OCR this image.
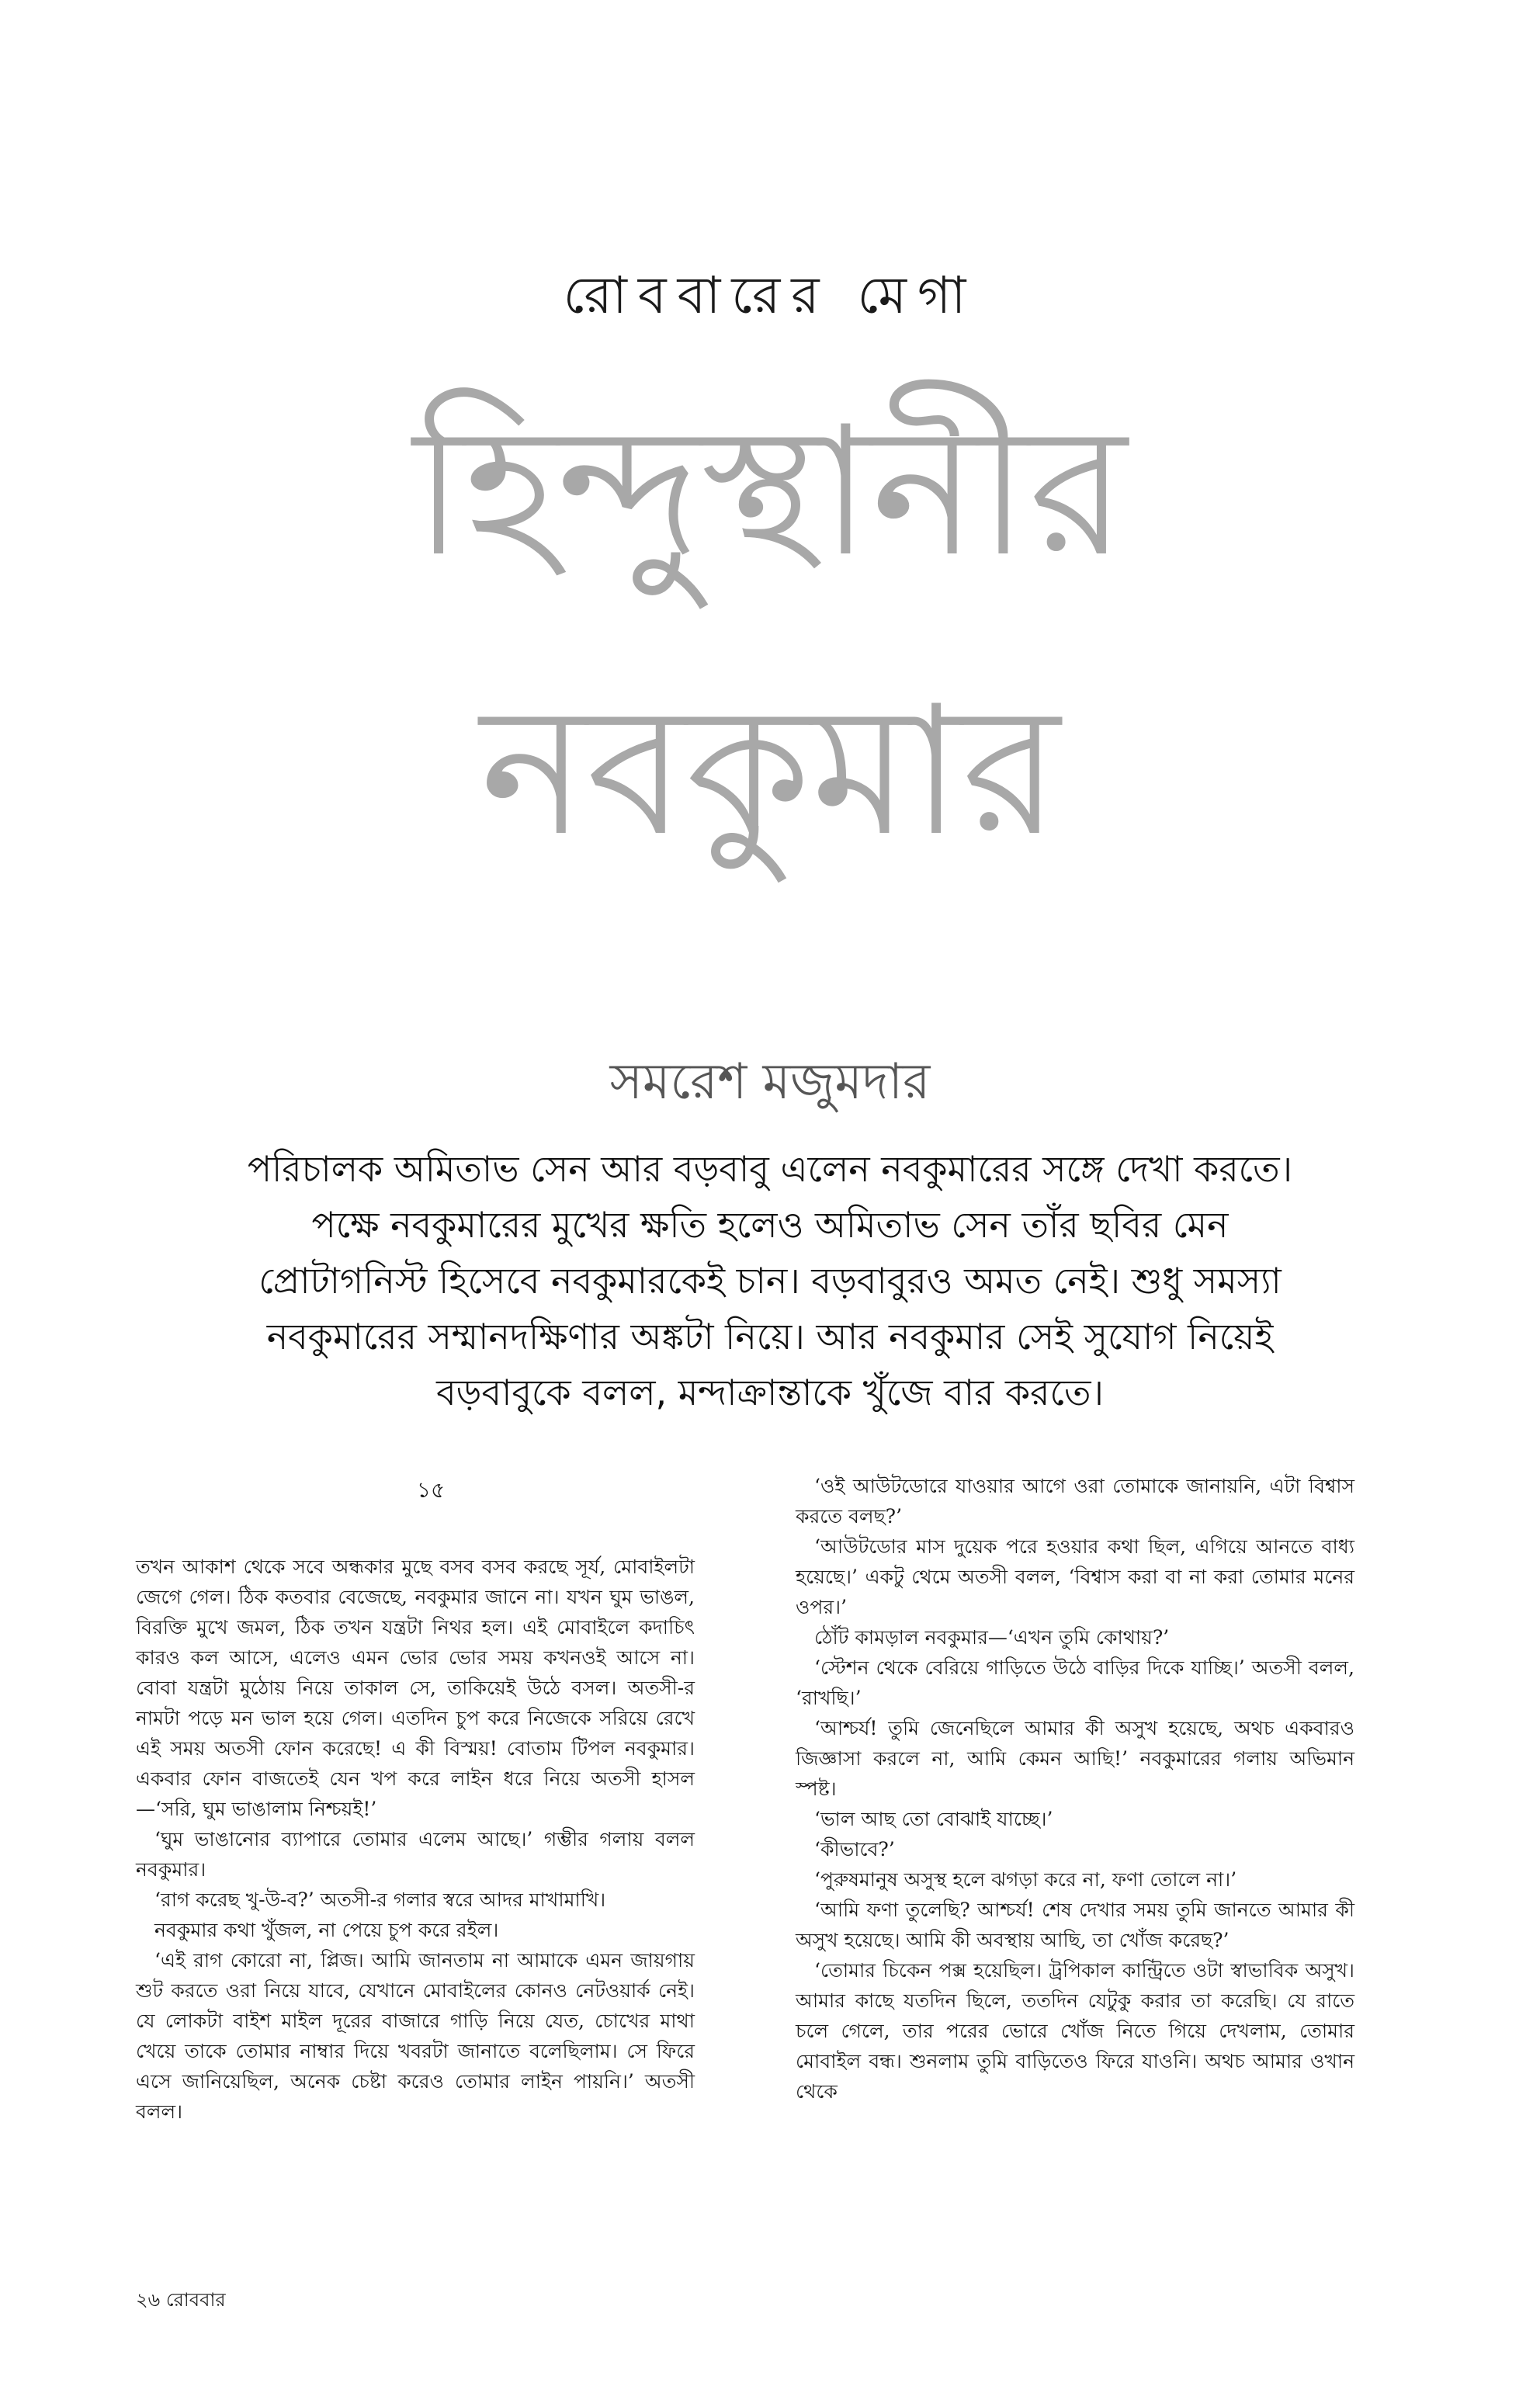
রোববারের মেগা
হিন্দুস্থানীর
নবকুমার
সমরেশ মজুমদার
পরিচালক অমিতাভ সেন আর বড়বাবু এলেন নবকুমারের সঙ্গে দেখা করতে।
পক্ষে নবকুমারের মুখের ক্ষতি হলেও অমিতাভ সেন তাঁর ছবির মেন
প্রোটাগনিস্ট হিসেবে নবকুমারকেই চান। বড়বাবুরও অমত নেই। শুধু সমস্যা
নবকুমারের সম্মানদক্ষিণার অঙ্কটা নিয়ে। আর নবকুমার সেই সুযোগ নিয়েই
বড়বাবুকে বলল, মন্দাক্রান্তাকে খুঁজে বার করতে।
১৫

তখন আকাশ থেকে সবে অন্ধকার মুছে বসব বসব করছে সূর্য, মোবাইলটা জেগে গেল। ঠিক কতবার বেজেছে, নবকুমার জানে না। যখন ঘুম ভাঙল, বিরক্তি মুখে জমল, ঠিক তখন যন্ত্রটা নিথর হল। এই মোবাইলে কদাচিৎ কারও কল আসে, এলেও এমন ভোর ভোর সময় কখনওই আসে না। বোবা যন্ত্রটা মুঠোয় নিয়ে তাকাল সে, তাকিয়েই উঠে বসল। অতসী-র নামটা পড়ে মন ভাল হয়ে গেল। এতদিন চুপ করে নিজেকে সরিয়ে রেখে এই সময় অতসী ফোন করেছে! এ কী বিস্ময়! বোতাম টিপল নবকুমার। একবার ফোন বাজতেই যেন খপ করে লাইন ধরে নিয়ে অতসী হাসল—‘সরি, ঘুম ভাঙালাম নিশ্চয়ই!’

‘ঘুম ভাঙানোর ব্যাপারে তোমার এলেম আছে।’ গম্ভীর গলায় বলল নবকুমার।

‘রাগ করেছ খু-উ-ব?’ অতসী-র গলার স্বরে আদর মাখামাখি।

নবকুমার কথা খুঁজল, না পেয়ে চুপ করে রইল।

‘এই রাগ কোরো না, প্লিজ। আমি জানতাম না আমাকে এমন জায়গায় শুট করতে ওরা নিয়ে যাবে, যেখানে মোবাইলের কোনও নেটওয়ার্ক নেই। যে লোকটা বাইশ মাইল দূরের বাজারে গাড়ি নিয়ে যেত, চোখের মাথা খেয়ে তাকে তোমার নাম্বার দিয়ে খবরটা জানাতে বলেছিলাম। সে ফিরে এসে জানিয়েছিল, অনেক চেষ্টা করেও তোমার লাইন পায়নি।’ অতসী বলল।

‘ওই আউটডোরে যাওয়ার আগে ওরা তোমাকে জানায়নি, এটা বিশ্বাস করতে বলছ?’

‘আউটডোর মাস দুয়েক পরে হওয়ার কথা ছিল, এগিয়ে আনতে বাধ্য হয়েছে।’ একটু থেমে অতসী বলল, ‘বিশ্বাস করা বা না করা তোমার মনের ওপর।’

ঠোঁট কামড়াল নবকুমার—‘এখন তুমি কোথায়?’

‘স্টেশন থেকে বেরিয়ে গাড়িতে উঠে বাড়ির দিকে যাচ্ছি।’ অতসী বলল, ‘রাখছি।’

‘আশ্চর্য! তুমি জেনেছিলে আমার কী অসুখ হয়েছে, অথচ একবারও জিজ্ঞাসা করলে না, আমি কেমন আছি!’ নবকুমারের গলায় অভিমান স্পষ্ট।

‘ভাল আছ তো বোঝাই যাচ্ছে।’

‘কীভাবে?’

‘পুরুষমানুষ অসুস্থ হলে ঝগড়া করে না, ফণা তোলে না।’

‘আমি ফণা তুলেছি? আশ্চর্য! শেষ দেখার সময় তুমি জানতে আমার কী অসুখ হয়েছে। আমি কী অবস্থায় আছি, তা খোঁজ করেছ?’

‘তোমার চিকেন পক্স হয়েছিল। ট্রপিকাল কান্ট্রিতে ওটা স্বাভাবিক অসুখ। আমার কাছে যতদিন ছিলে, ততদিন যেটুকু করার তা করেছি। যে রাতে চলে গেলে, তার পরের ভোরে খোঁজ নিতে গিয়ে দেখলাম, তোমার মোবাইল বন্ধ। শুনলাম তুমি বাড়িতেও ফিরে যাওনি। অথচ আমার ওখান থেকে

২৬ রোববার
